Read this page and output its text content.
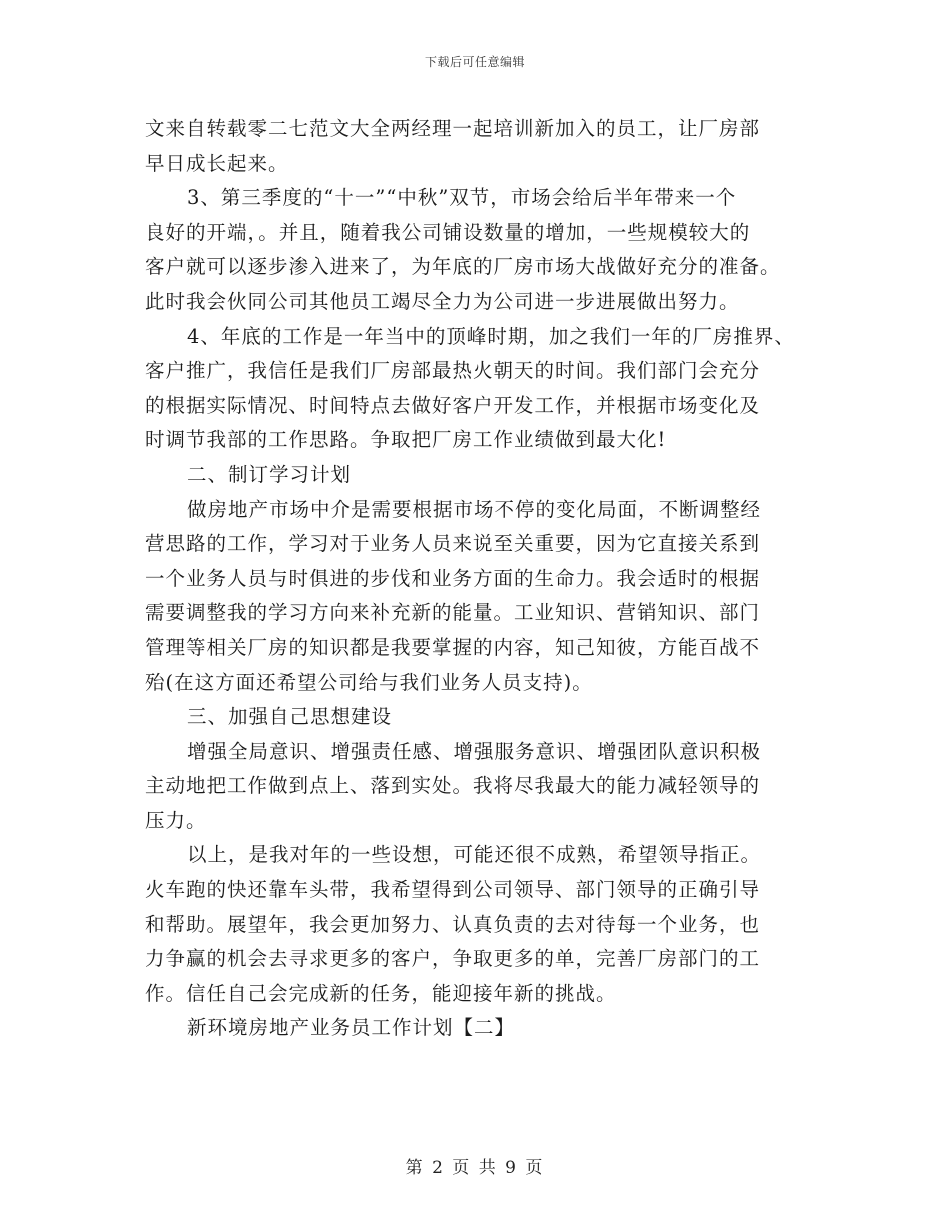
下载后可任意编辑
文来自转载零二七范文大全两经理一起培训新加入的员工，让厂房部
早日成长起来。
3、第三季度的“十一”“中秋”双节，市场会给后半年带来一个
良好的开端，。并且，随着我公司铺设数量的增加，一些规模较大的
客户就可以逐步渗入进来了，为年底的厂房市场大战做好充分的准备。
此时我会伙同公司其他员工竭尽全力为公司进一步进展做出努力。
4、年底的工作是一年当中的顶峰时期，加之我们一年的厂房推界、
客户推广，我信任是我们厂房部最热火朝天的时间。我们部门会充分
的根据实际情况、时间特点去做好客户开发工作，并根据市场变化及
时调节我部的工作思路。争取把厂房工作业绩做到最大化!
二、制订学习计划
做房地产市场中介是需要根据市场不停的变化局面，不断调整经
营思路的工作，学习对于业务人员来说至关重要，因为它直接关系到
一个业务人员与时俱进的步伐和业务方面的生命力。我会适时的根据
需要调整我的学习方向来补充新的能量。工业知识、营销知识、部门
管理等相关厂房的知识都是我要掌握的内容，知己知彼，方能百战不
殆(在这方面还希望公司给与我们业务人员支持)。
三、加强自己思想建设
增强全局意识、增强责任感、增强服务意识、增强团队意识积极
主动地把工作做到点上、落到实处。我将尽我最大的能力减轻领导的
压力。
以上，是我对年的一些设想，可能还很不成熟，希望领导指正。
火车跑的快还靠车头带，我希望得到公司领导、部门领导的正确引导
和帮助。展望年，我会更加努力、认真负责的去对待每一个业务，也
力争赢的机会去寻求更多的客户，争取更多的单，完善厂房部门的工
作。信任自己会完成新的任务，能迎接年新的挑战。
新环境房地产业务员工作计划【二】
第 2 页 共 9 页
